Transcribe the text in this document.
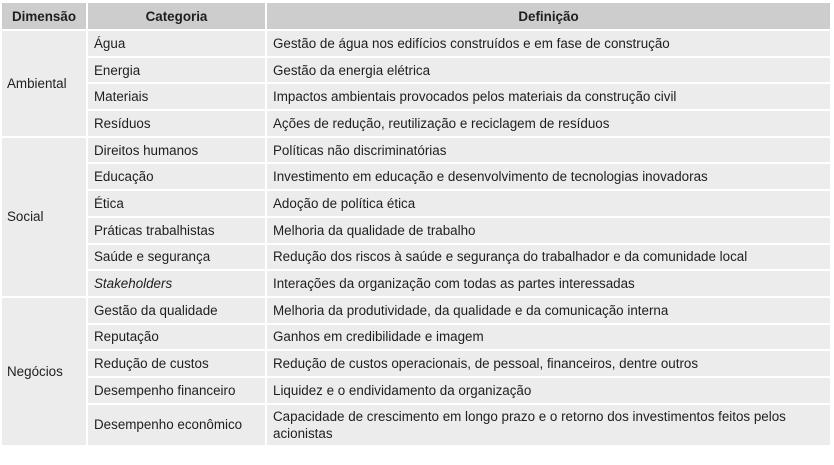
Dimensão	Categoria	Definição
Ambiental	Água	Gestão de água nos edifícios construídos e em fase de construção
	Energia	Gestão da energia elétrica
	Materiais	Impactos ambientais provocados pelos materiais da construção civil
	Resíduos	Ações de redução, reutilização e reciclagem de resíduos
Social	Direitos humanos	Políticas não discriminatórias
	Educação	Investimento em educação e desenvolvimento de tecnologias inovadoras
	Ética	Adoção de política ética
	Práticas trabalhistas	Melhoria da qualidade de trabalho
	Saúde e segurança	Redução dos riscos à saúde e segurança do trabalhador e da comunidade local
	Stakeholders	Interações da organização com todas as partes interessadas
Negócios	Gestão da qualidade	Melhoria da produtividade, da qualidade e da comunicação interna
	Reputação	Ganhos em credibilidade e imagem
	Redução de custos	Redução de custos operacionais, de pessoal, financeiros, dentre outros
	Desempenho financeiro	Liquidez e o endividamento da organização
	Desempenho econômico	Capacidade de crescimento em longo prazo e o retorno dos investimentos feitos pelos acionistas
